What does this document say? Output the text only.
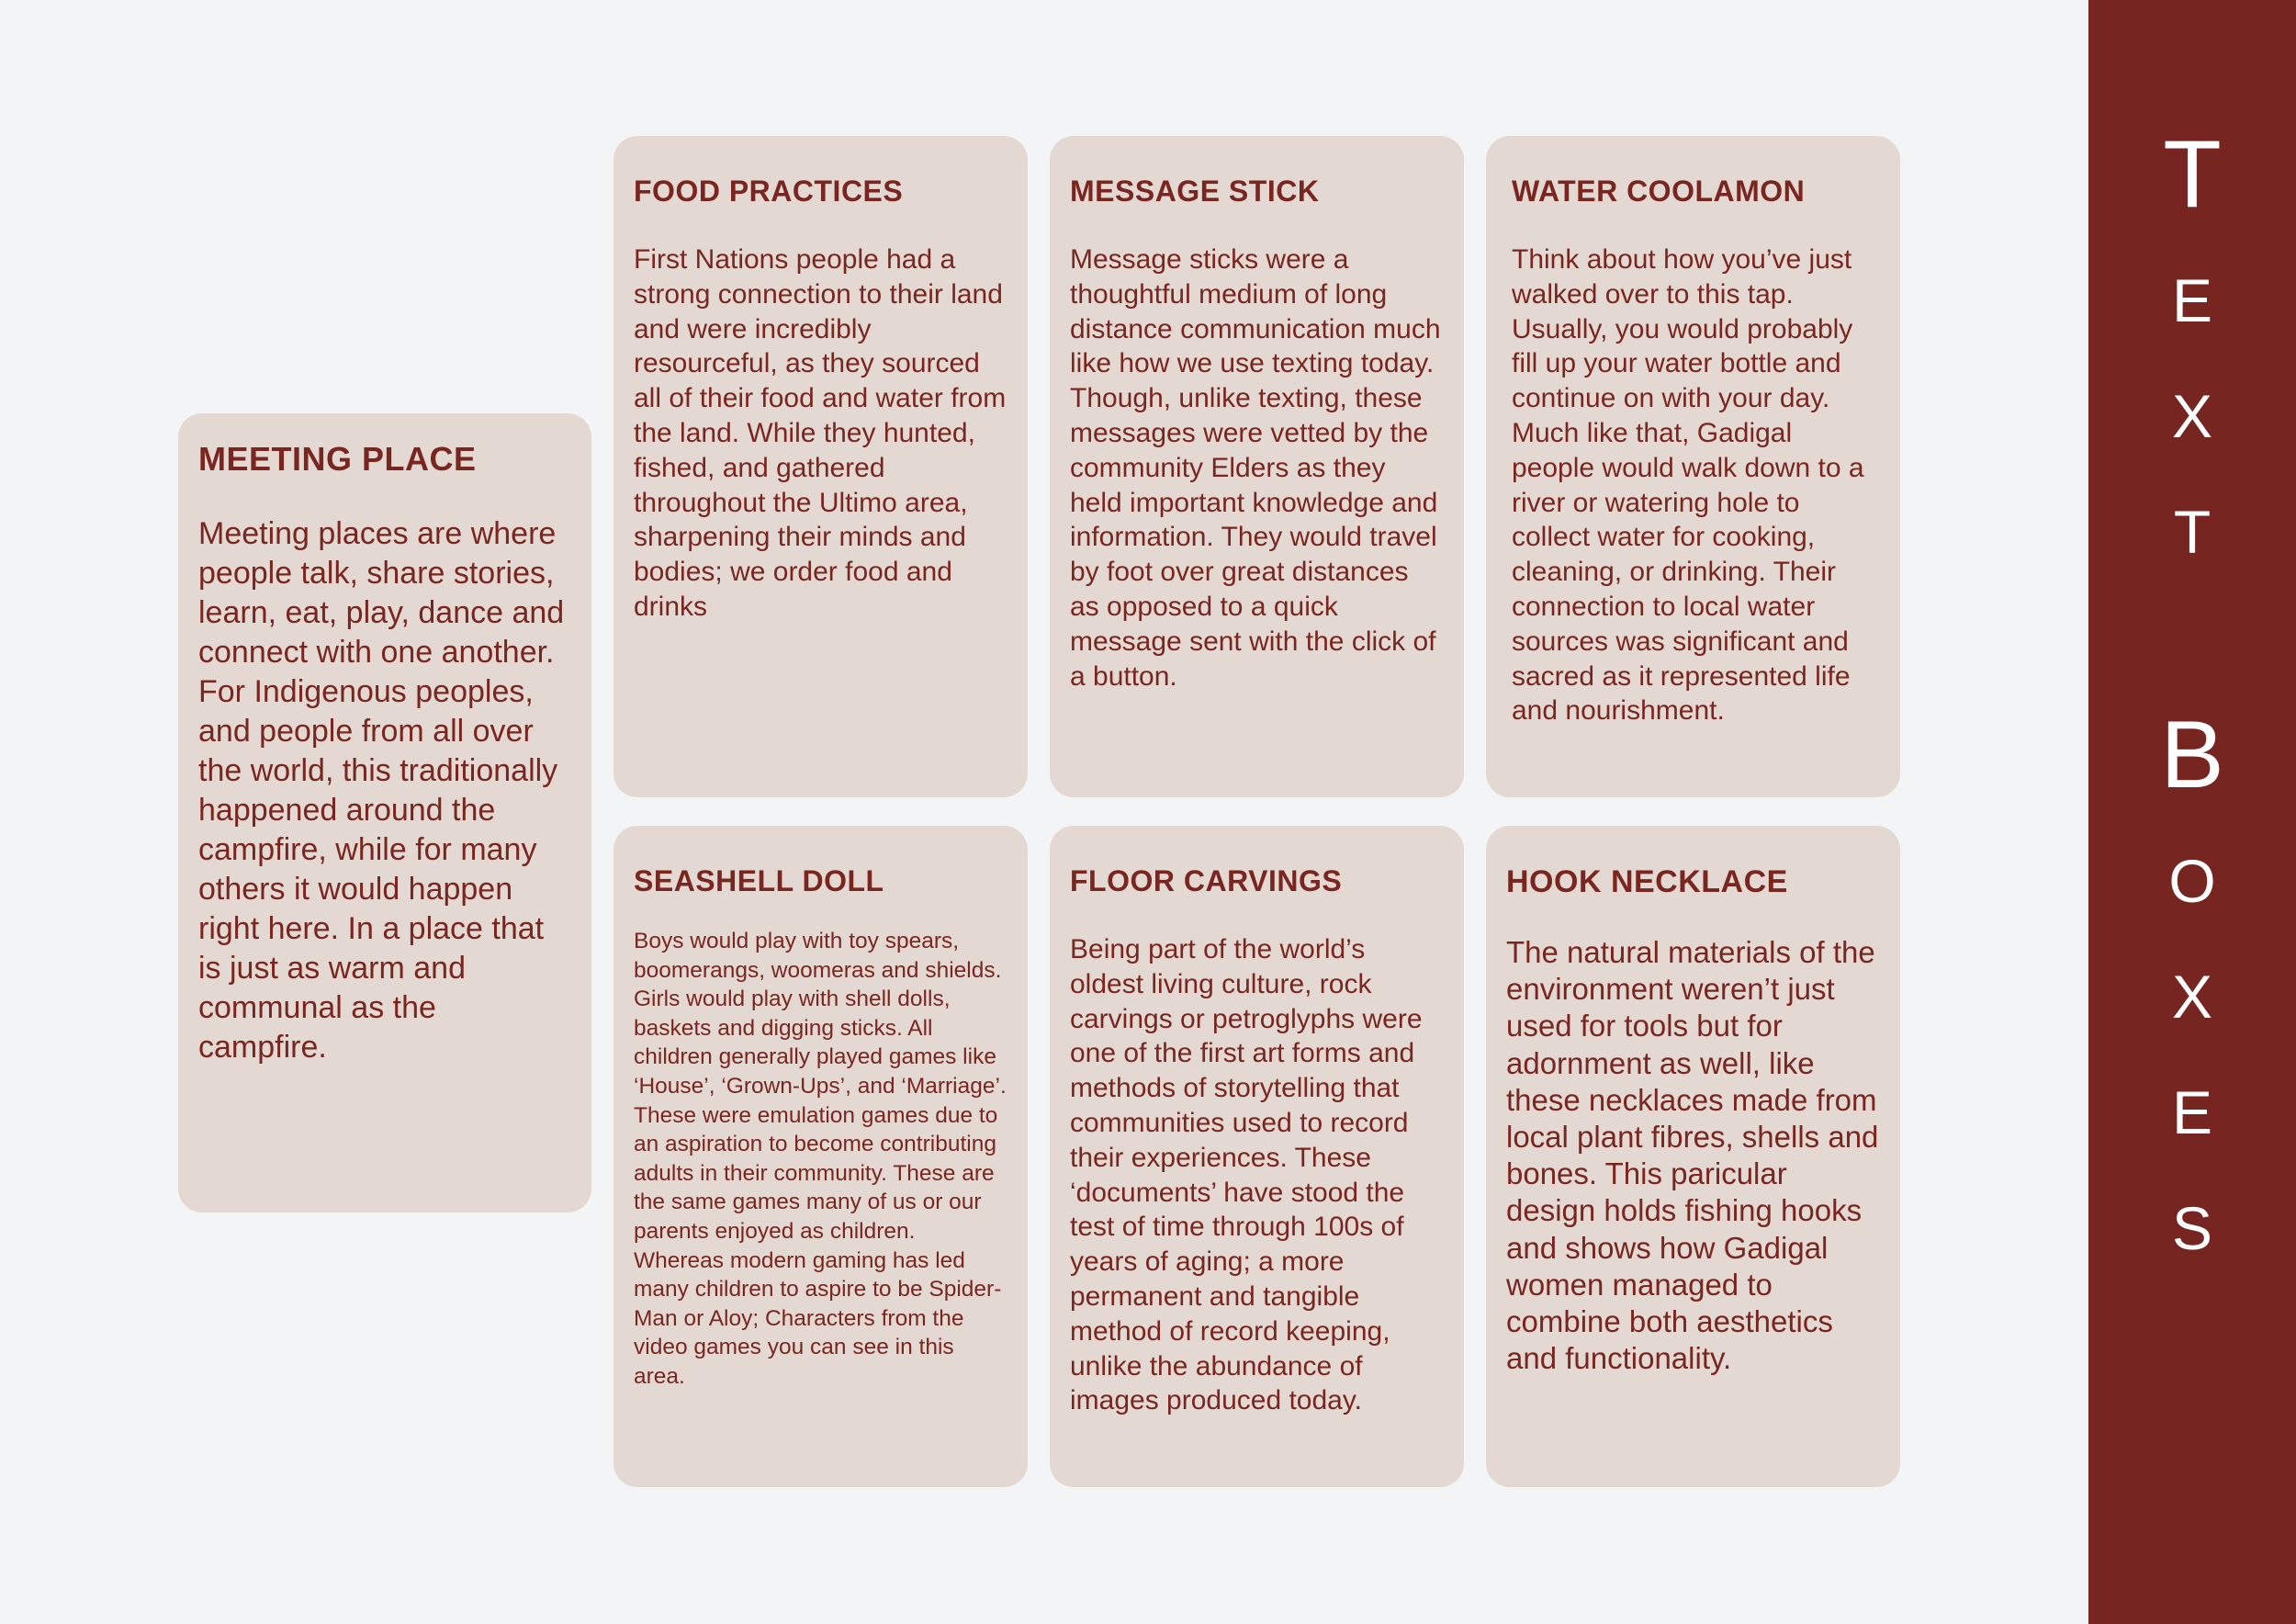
MEETING PLACE

Meeting places are where people talk, share stories, learn, eat, play, dance and connect with one another. For Indigenous peoples, and people from all over the world, this traditionally happened around the campfire, while for many others it would happen right here. In a place that is just as warm and communal as the campfire.

FOOD PRACTICES

First Nations people had a strong connection to their land and were incredibly resourceful, as they sourced all of their food and water from the land. While they hunted, fished, and gathered throughout the Ultimo area, sharpening their minds and bodies; we order food and drinks

MESSAGE STICK

Message sticks were a thoughtful medium of long distance communication much like how we use texting today. Though, unlike texting, these messages were vetted by the community Elders as they held important knowledge and information. They would travel by foot over great distances as opposed to a quick message sent with the click of a button.

WATER COOLAMON

Think about how you’ve just walked over to this tap. Usually, you would probably fill up your water bottle and continue on with your day. Much like that, Gadigal people would walk down to a river or watering hole to collect water for cooking, cleaning, or drinking. Their connection to local water sources was significant and sacred as it represented life and nourishment.

SEASHELL DOLL

Boys would play with toy spears, boomerangs, woomeras and shields. Girls would play with shell dolls, baskets and digging sticks. All children generally played games like ‘House’, ‘Grown-Ups’, and ‘Marriage’. These were emulation games due to an aspiration to become contributing adults in their community. These are the same games many of us or our parents enjoyed as children. Whereas modern gaming has led many children to aspire to be Spider-Man or Aloy; Characters from the video games you can see in this area.

FLOOR CARVINGS

Being part of the world’s oldest living culture, rock carvings or petroglyphs were one of the first art forms and methods of storytelling that communities used to record their experiences. These ‘documents’ have stood the test of time through 100s of years of aging; a more permanent and tangible method of record keeping, unlike the abundance of images produced today.

HOOK NECKLACE

The natural materials of the environment weren’t just used for tools but for adornment as well, like these necklaces made from local plant fibres, shells and bones. This paricular design holds fishing hooks and shows how Gadigal women managed to combine both aesthetics and functionality.

T
E
X
T
B
O
X
E
S
